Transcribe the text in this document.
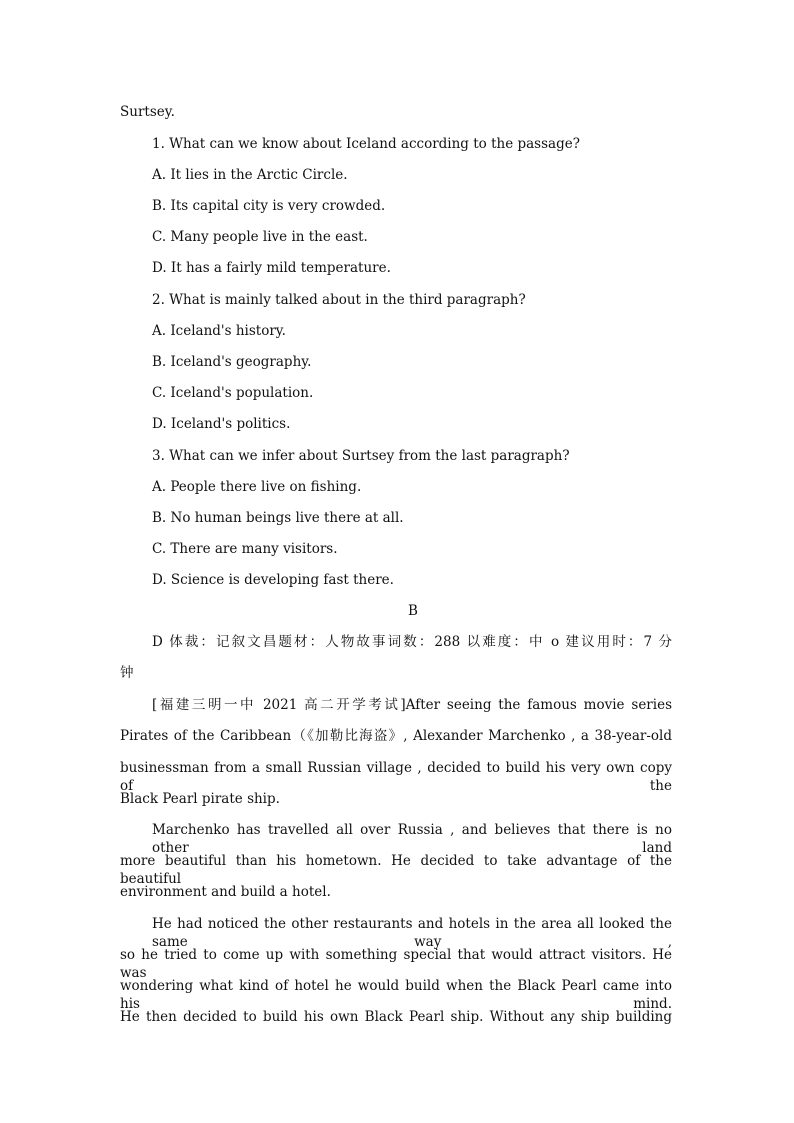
Surtsey.
1. What can we know about Iceland according to the passage?
A. It lies in the Arctic Circle.
B. Its capital city is very crowded.
C. Many people live in the east.
D. It has a fairly mild temperature.
2. What is mainly talked about in the third paragraph?
A. Iceland's history.
B. Iceland's geography.
C. Iceland's population.
D. Iceland's politics.
3. What can we infer about Surtsey from the last paragraph?
A. People there live on fishing.
B. No human beings live there at all.
C. There are many visitors.
D. Science is developing fast there.
B
D 体裁：记叙文昌题材：人物故事词数：288 以难度：中 o 建议用时：7 分
钟
[福建三明一中 2021 高二开学考试]After seeing the famous movie series
Pirates of the Caribbean（《加勒比海盗》, Alexander Marchenko , a 38-year-old
businessman from a small Russian village , decided to build his very own copy of the
Black Pearl pirate ship.
Marchenko has travelled all over Russia , and believes that there is no other land
more beautiful than his hometown. He decided to take advantage of the beautiful
environment and build a hotel.
He had noticed the other restaurants and hotels in the area all looked the same way ,
so he tried to come up with something special that would attract visitors. He was
wondering what kind of hotel he would build when the Black Pearl came into his mind.
He then decided to build his own Black Pearl ship. Without any ship building
